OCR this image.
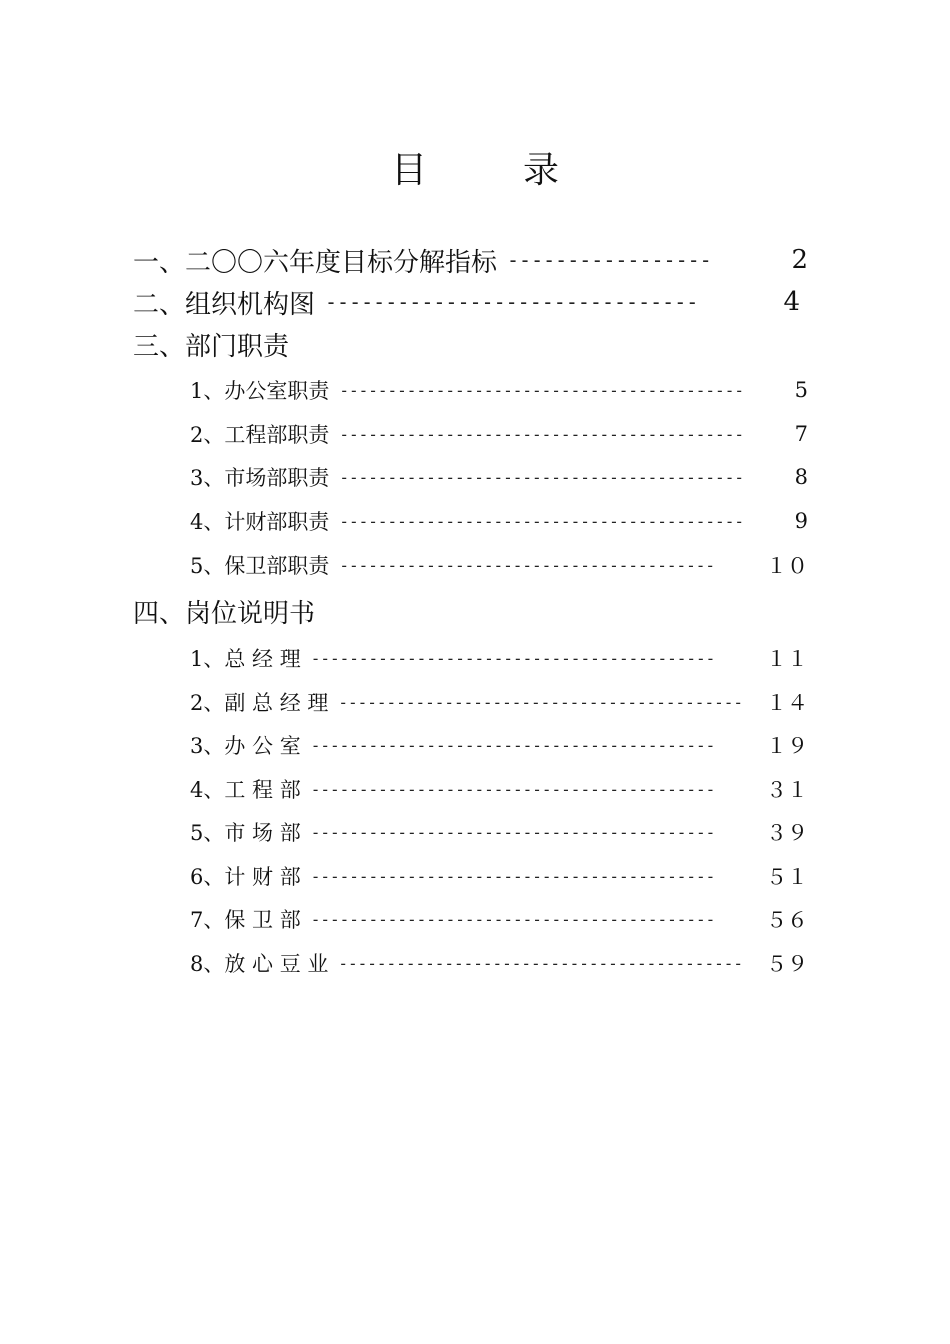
目　录
一、二〇〇六年度目标分解指标 -----------------	2
二、组织机构图 -------------------------------	4
三、部门职责
1、办公室职责 ------------------------------------------	5
2、工程部职责 ------------------------------------------	7
3、市场部职责 ------------------------------------------	8
4、计财部职责 ------------------------------------------	9
5、保卫部职责 ---------------------------------------	１０
四、岗位说明书
1、总 经 理 ------------------------------------------	１１
2、副 总 经 理 ------------------------------------------	１４
3、办 公 室 ------------------------------------------	１９
4、工 程 部 ------------------------------------------	３１
5、市 场 部 ------------------------------------------	３９
6、计 财 部 ------------------------------------------	５１
7、保 卫 部 ------------------------------------------	５６
8、放 心 豆 业 ------------------------------------------	５９
